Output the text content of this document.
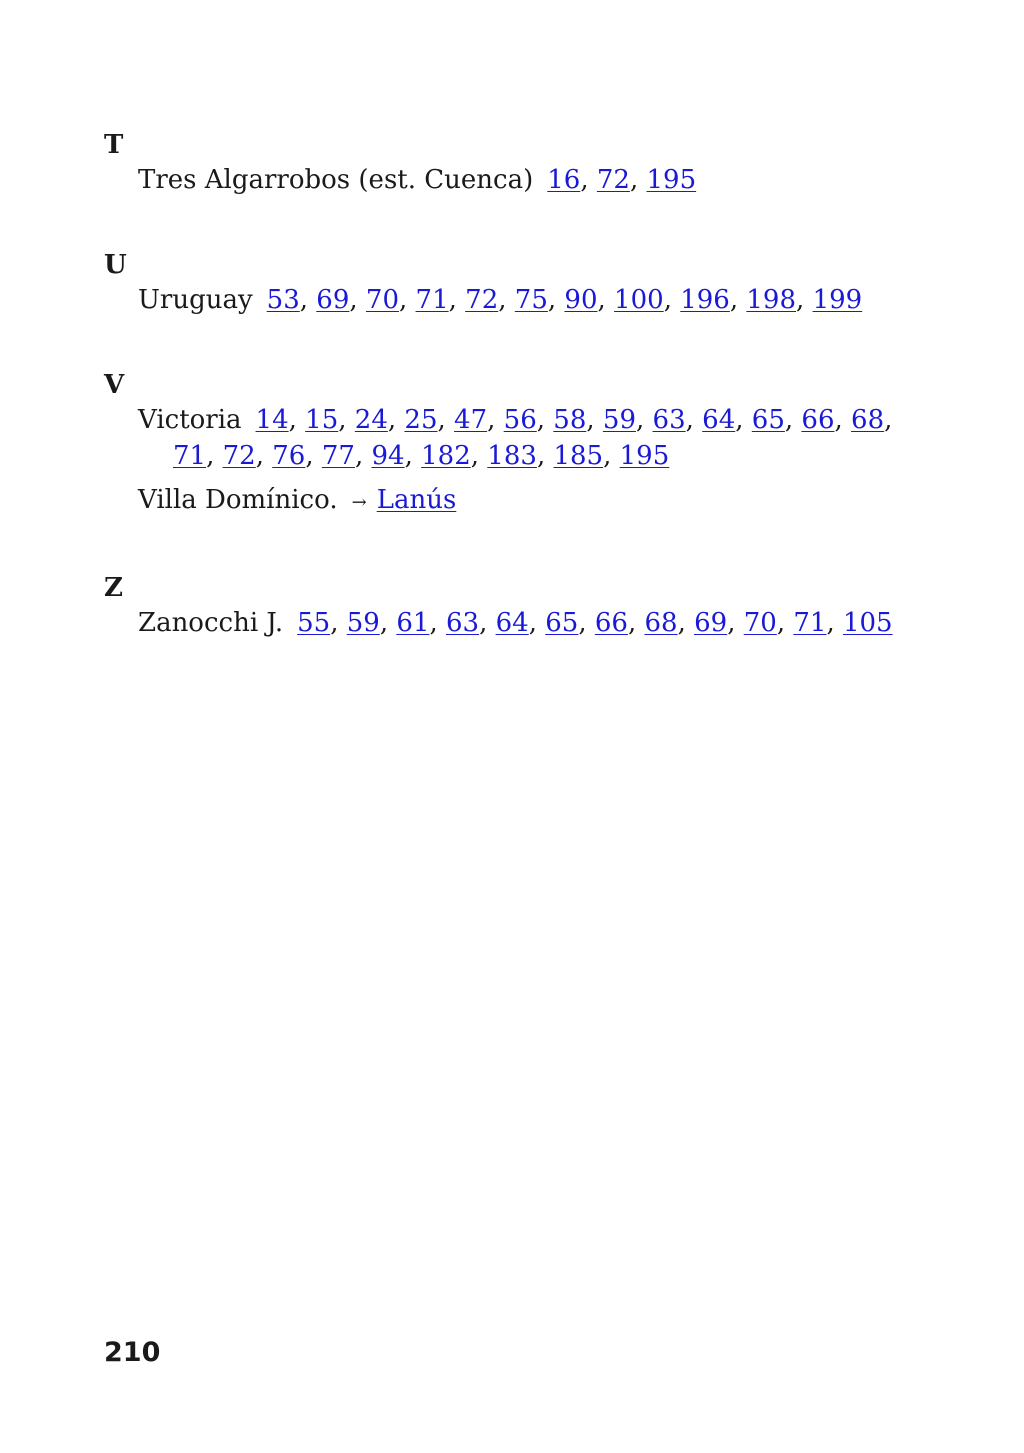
T
Tres Algarrobos (est. Cuenca) 16, 72, 195
U
Uruguay 53, 69, 70, 71, 72, 75, 90, 100, 196, 198, 199
V
Victoria 14, 15, 24, 25, 47, 56, 58, 59, 63, 64, 65, 66, 68, 71, 72, 76, 77, 94, 182, 183, 185, 195
Villa Domínico. → Lanús
Z
Zanocchi J. 55, 59, 61, 63, 64, 65, 66, 68, 69, 70, 71, 105
210
